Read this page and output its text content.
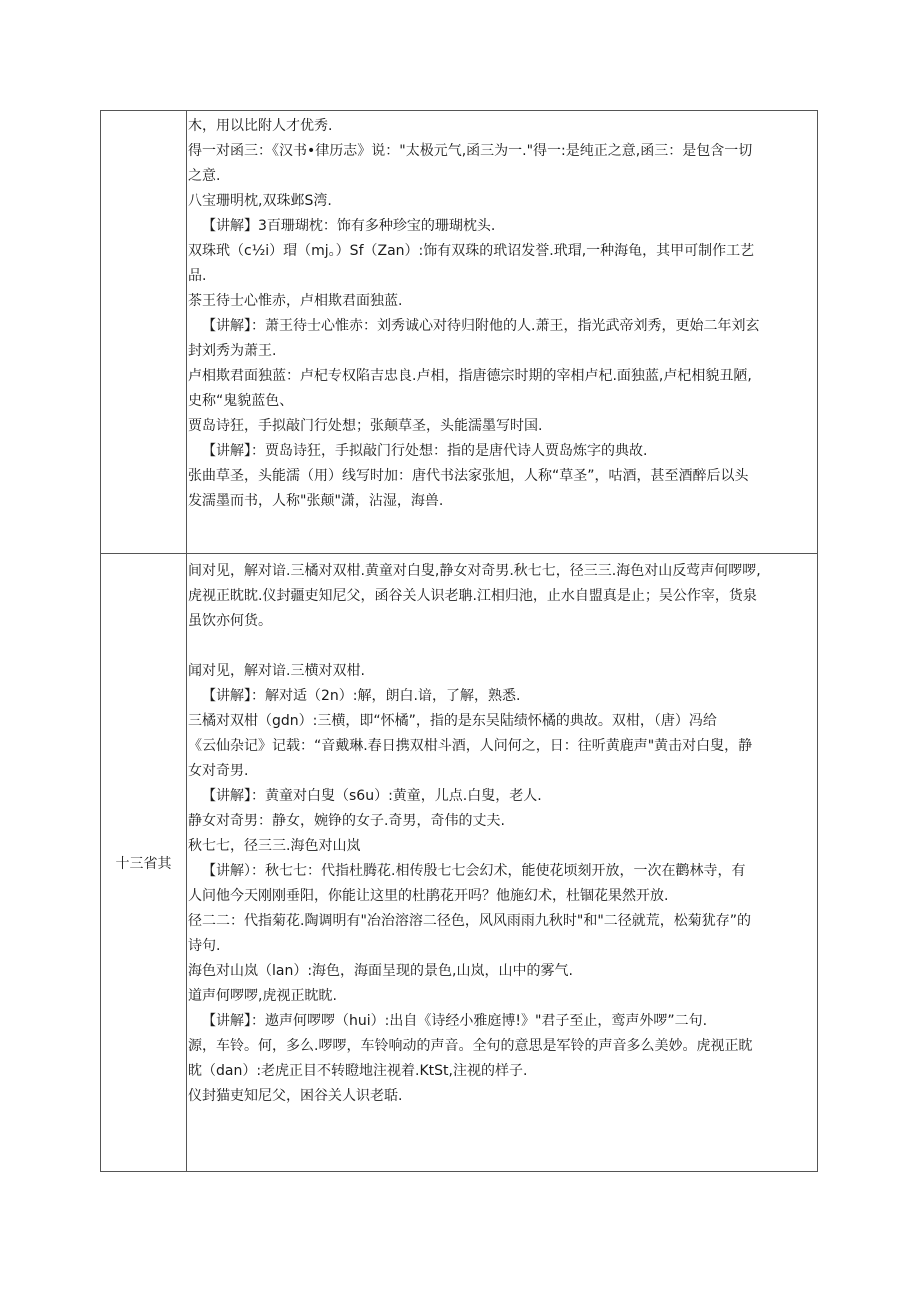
木，用以比附人才优秀.
得一对函三：《汉书•律历志》说："太极元气,函三为一."得一:是纯正之意,函三：是包含一切
之意.
八宝珊明枕,双珠邺S湾.
【讲解】3百珊瑚枕：饰有多种珍宝的珊瑚枕头.
双珠玳（c½i）瑁（mj。）Sf（Zan）:饰有双珠的玳诏发誉.玳瑁,一种海龟，其甲可制作工艺
品.
茶王待士心惟赤，卢相欺君面独蓝.
【讲解】：萧王待士心惟赤：刘秀诚心对待归附他的人.萧王，指光武帝刘秀，更始二年刘玄
封刘秀为萧王.
卢相欺君面独蓝：卢杞专权陷吉忠良.卢相，指唐德宗时期的宰相卢杞.面独蓝,卢杞相貌丑陋,
史称“鬼貌蓝色、
贾岛诗狂，手拟敲门行处想；张颠草圣，头能濡墨写时国.
【讲解】：贾岛诗狂，手拟敲门行处想：指的是唐代诗人贾岛炼字的典故.
张曲草圣，头能濡（用）线写时加：唐代书法家张旭，人称“草圣”，咕酒，甚至酒醉后以头
发濡墨而书，人称"张颠"潇，沾湿，海兽.
十三省其
间对见，解对谙.三橘对双柑.黄童对白叟,静女对奇男.秋七七，径三三.海色对山反莺声何啰啰,
虎视正眈眈.仪封疆吏知尼父，函谷关人识老聃.江相归池，止水自盟真是止；吴公作宰，货泉
虽饮亦何货。
闻对见，解对谙.三横对双柑.
【讲解】：解对适（2n）:解，朗白.谙，了解，熟悉.
三橘对双柑（gdn）:三横，即“怀橘”，指的是东吴陆绩怀橘的典故。双柑，（唐）冯给
《云仙杂记》记载：“音戴琳.春日携双柑斗酒，人问何之，日：往听黄鹿声"黄击对白叟，静
女对奇男.
【讲解】：黄童对白叟（s6u）:黄童，儿点.白叟，老人.
静女对奇男：静女，婉铮的女子.奇男，奇伟的丈夫.
秋七七，径三三.海色对山岚
【讲解）：秋七七：代指杜腾花.相传殷七七会幻术，能使花顷刻开放，一次在鹳林寺，有
人问他今天刚刚垂阳，你能让这里的杜鹃花开吗？他施幻术，杜锢花果然开放.
径二二：代指菊花.陶调明有"冶治溶溶二径色，风风雨雨九秋时"和"二径就荒，松菊犹存”的
诗句.
海色对山岚（lan）:海色，海面呈现的景色,山岚，山中的雾气.
道声何啰啰,虎视正眈眈.
【讲解】：遨声何啰啰（hui）:出自《诗经小雅庭博!》"君子至止，鸾声外啰”二句.
源，车铃。何，多么.啰啰，车铃响动的声音。全句的意思是军铃的声音多么美妙。虎视正眈
眈（dan）:老虎正目不转瞪地注视着.KtSt,注视的样子.
仪封猫吏知尼父，困谷关人识老聒.
